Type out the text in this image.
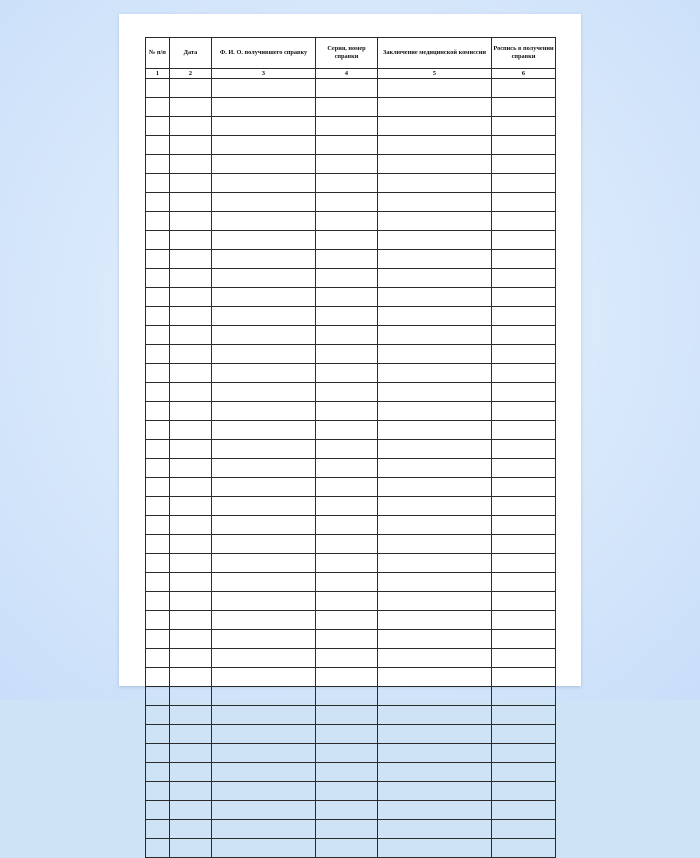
№ п/п	Дата	Ф. И. О. получившего справку	Серия, номер справки	Заключение медицинской комиссии	Роспись в получении справки
1	2	3	4	5	6
